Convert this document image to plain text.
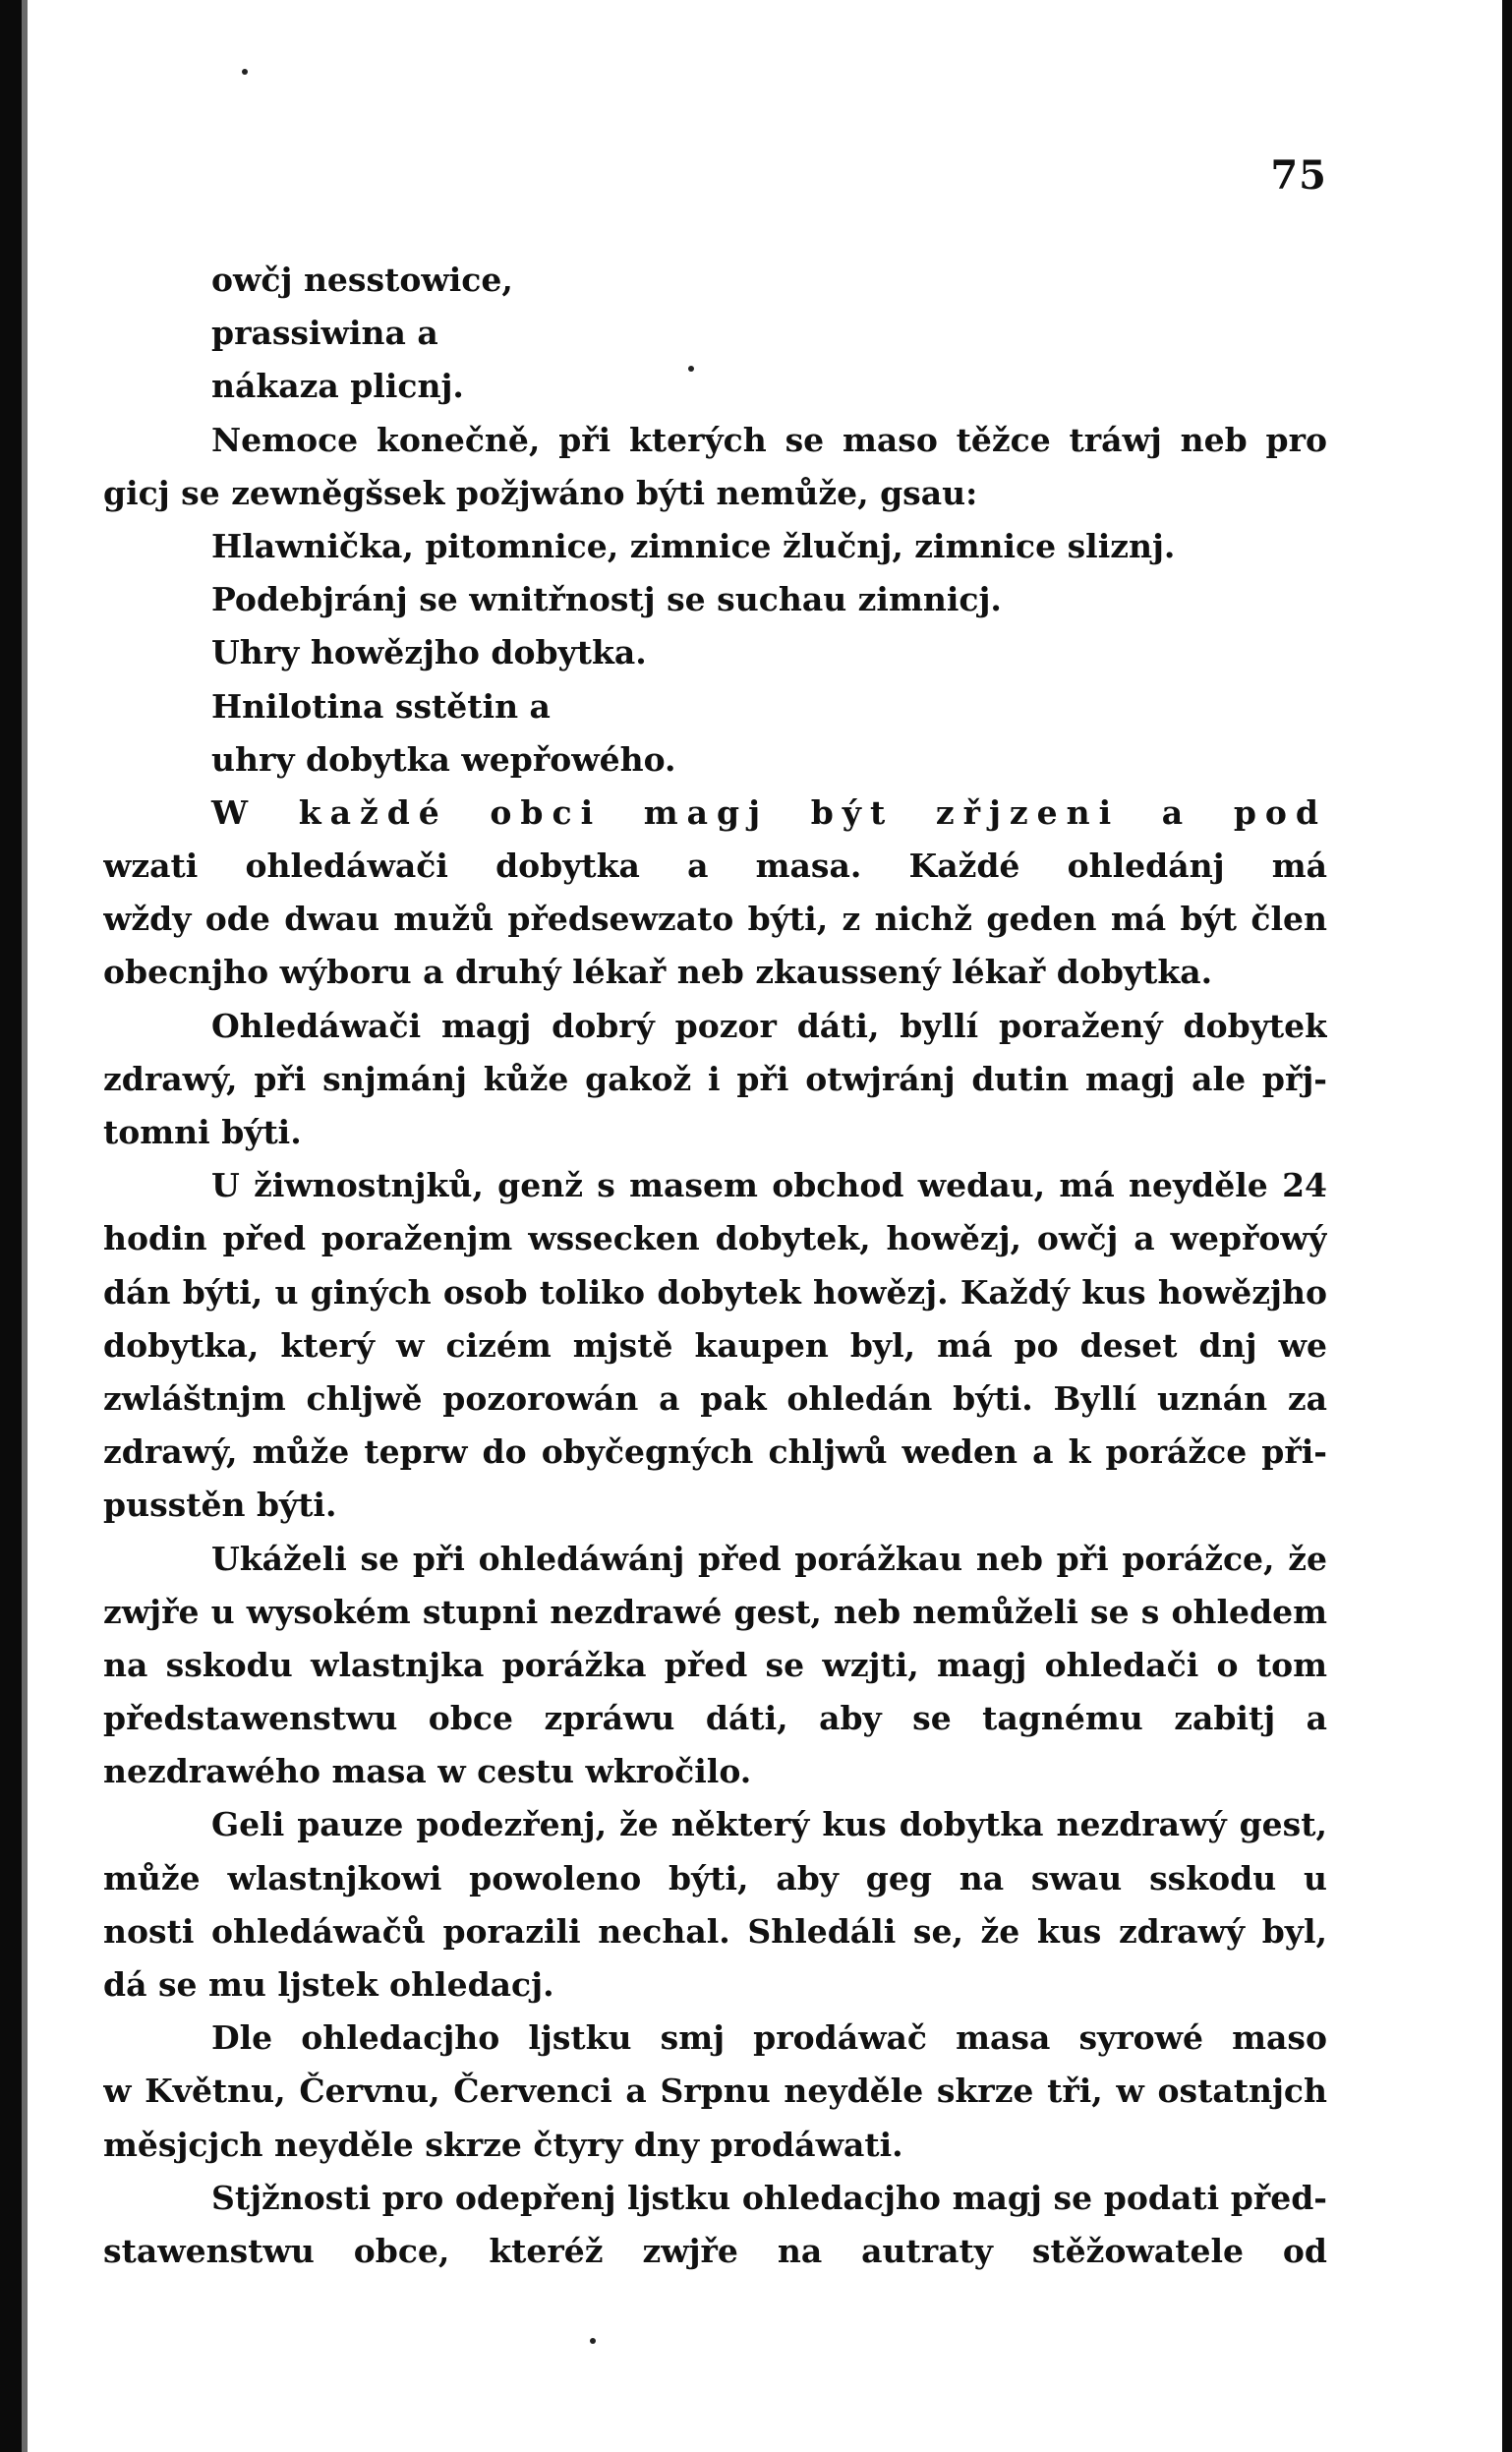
75
owčj nesstowice,
prassiwina a
nákaza plicnj.
Nemoce konečně, při kterých se maso těžce tráwj neb pro
gicj se zewněgšsek požjwáno býti nemůže, gsau:
Hlawnička, pitomnice, zimnice žlučnj, zimnice sliznj.
Podebjránj se wnitřnostj se suchau zimnicj.
Uhry howězjho dobytka.
Hnilotina sstětin a
uhry dobytka wepřowého.
W každé obci magj být zřjzeni a pod
wzati ohledáwači dobytka a masa. Každé ohledánj má
wždy ode dwau mužů předsewzato býti, z nichž geden má být člen
obecnjho wýboru a druhý lékař neb zkaussený lékař dobytka.
Ohledáwači magj dobrý pozor dáti, byllí poražený dobytek
zdrawý, při snjmánj kůže gakož i při otwjránj dutin magj ale přj-
tomni býti.
U žiwnostnjků, genž s masem obchod wedau, má neyděle 24
hodin před poraženjm wssecken dobytek, howězj, owčj a wepřowý
dán býti, u giných osob toliko dobytek howězj. Každý kus howězjho
dobytka, který w cizém mjstě kaupen byl, má po deset dnj we
zwláštnjm chljwě pozorowán a pak ohledán býti. Byllí uznán za
zdrawý, může teprw do obyčegných chljwů weden a k porážce při-
pusstěn býti.
Ukáželi se při ohledáwánj před porážkau neb při porážce, že
zwjře u wysokém stupni nezdrawé gest, neb nemůželi se s ohledem
na sskodu wlastnjka porážka před se wzjti, magj ohledači o tom
předstawenstwu obce zpráwu dáti, aby se tagnému zabitj a
nezdrawého masa w cestu wkročilo.
Geli pauze podezřenj, že některý kus dobytka nezdrawý gest,
může wlastnjkowi powoleno býti, aby geg na swau sskodu u
nosti ohledáwačů porazili nechal. Shledáli se, že kus zdrawý byl,
dá se mu ljstek ohledacj.
Dle ohledacjho ljstku smj prodáwač masa syrowé maso
w Květnu, Červnu, Červenci a Srpnu neyděle skrze tři, w ostatnjch
měsjcjch neyděle skrze čtyry dny prodáwati.
Stjžnosti pro odepřenj ljstku ohledacjho magj se podati před-
stawenstwu obce, kteréž zwjře na autraty stěžowatele od
